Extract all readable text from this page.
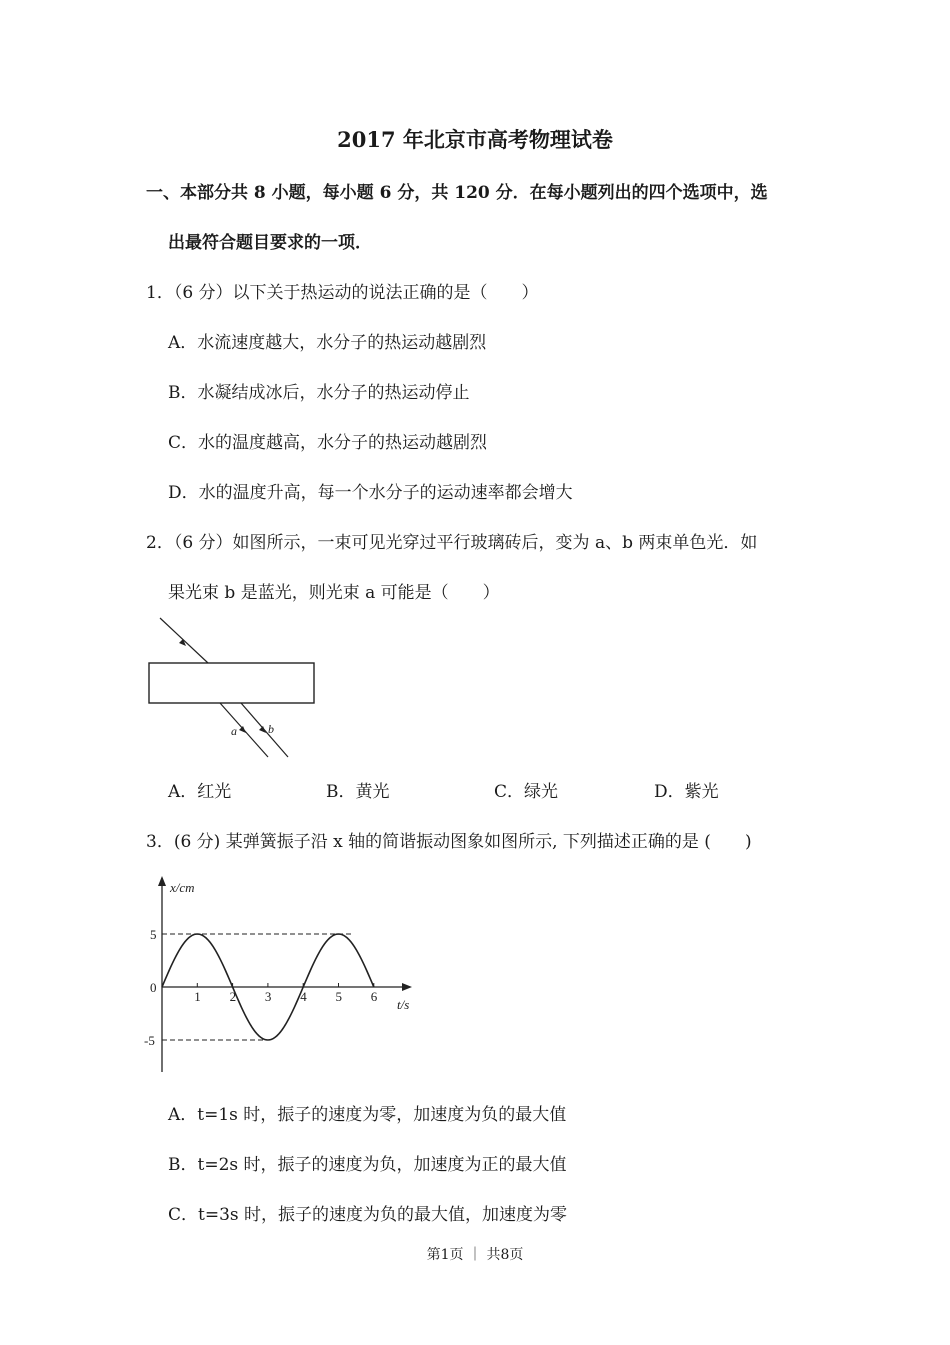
2017 年北京市高考物理试卷
一、本部分共 8 小题，每小题 6 分，共 120 分．在每小题列出的四个选项中，选
出最符合题目要求的一项．
1．（6 分）以下关于热运动的说法正确的是（　　）
A．水流速度越大，水分子的热运动越剧烈
B．水凝结成冰后，水分子的热运动停止
C．水的温度越高，水分子的热运动越剧烈
D．水的温度升高，每一个水分子的运动速率都会增大
2．（6 分）如图所示，一束可见光穿过平行玻璃砖后，变为 a、b 两束单色光．如
果光束 b 是蓝光，则光束 a 可能是（　　）
a	b
A．红光	B．黄光	C．绿光	D．紫光
3．(6 分) 某弹簧振子沿 x 轴的简谐振动图象如图所示, 下列描述正确的是 (　　)
x/cm
t/s
1 2 3 4 5 6
5
0
-5
A．t=1s 时，振子的速度为零，加速度为负的最大值
B．t=2s 时，振子的速度为负，加速度为正的最大值
C．t=3s 时，振子的速度为负的最大值，加速度为零
第1页 ｜ 共8页
